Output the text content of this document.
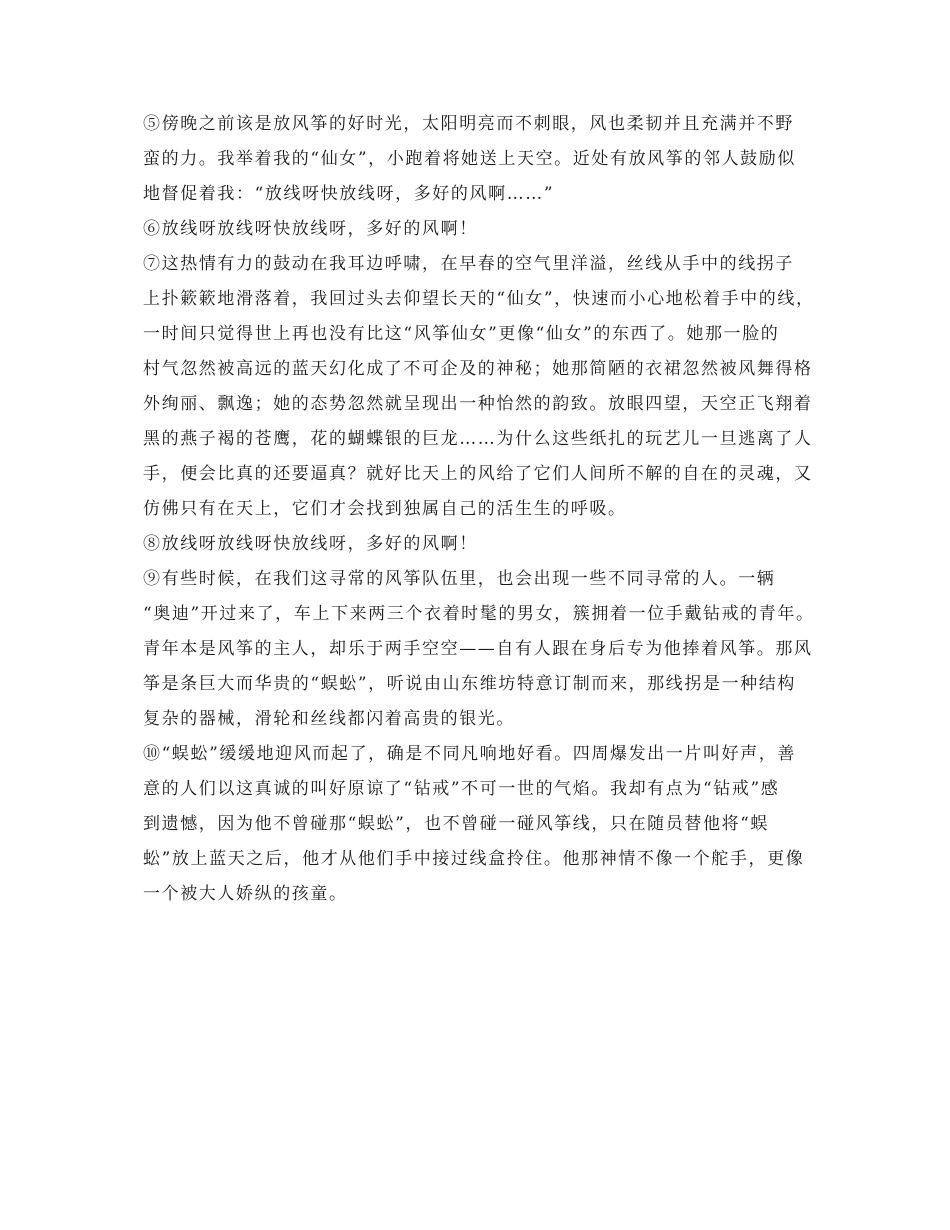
⑤傍晚之前该是放风筝的好时光，太阳明亮而不刺眼，风也柔韧并且充满并不野
蛮的力。我举着我的“仙女”，小跑着将她送上天空。近处有放风筝的邻人鼓励似
地督促着我：“放线呀快放线呀，多好的风啊……”
⑥放线呀放线呀快放线呀，多好的风啊！
⑦这热情有力的鼓动在我耳边呼啸，在早春的空气里洋溢，丝线从手中的线拐子
上扑簌簌地滑落着，我回过头去仰望长天的“仙女”，快速而小心地松着手中的线，
一时间只觉得世上再也没有比这“风筝仙女”更像“仙女”的东西了。她那一脸的
村气忽然被高远的蓝天幻化成了不可企及的神秘；她那简陋的衣裙忽然被风舞得格
外绚丽、飘逸；她的态势忽然就呈现出一种怡然的韵致。放眼四望，天空正飞翔着
黑的燕子褐的苍鹰，花的蝴蝶银的巨龙……为什么这些纸扎的玩艺儿一旦逃离了人
手，便会比真的还要逼真？就好比天上的风给了它们人间所不解的自在的灵魂，又
仿佛只有在天上，它们才会找到独属自己的活生生的呼吸。
⑧放线呀放线呀快放线呀，多好的风啊！
⑨有些时候，在我们这寻常的风筝队伍里，也会出现一些不同寻常的人。一辆
“奥迪”开过来了，车上下来两三个衣着时髦的男女，簇拥着一位手戴钻戒的青年。
青年本是风筝的主人，却乐于两手空空——自有人跟在身后专为他捧着风筝。那风
筝是条巨大而华贵的“蜈蚣”，听说由山东维坊特意订制而来，那线拐是一种结构
复杂的器械，滑轮和丝线都闪着高贵的银光。
⑩“蜈蚣”缓缓地迎风而起了，确是不同凡响地好看。四周爆发出一片叫好声，善
意的人们以这真诚的叫好原谅了“钻戒”不可一世的气焰。我却有点为“钻戒”感
到遗憾，因为他不曾碰那“蜈蚣”，也不曾碰一碰风筝线，只在随员替他将“蜈
蚣”放上蓝天之后，他才从他们手中接过线盒拎住。他那神情不像一个舵手，更像
一个被大人娇纵的孩童。
